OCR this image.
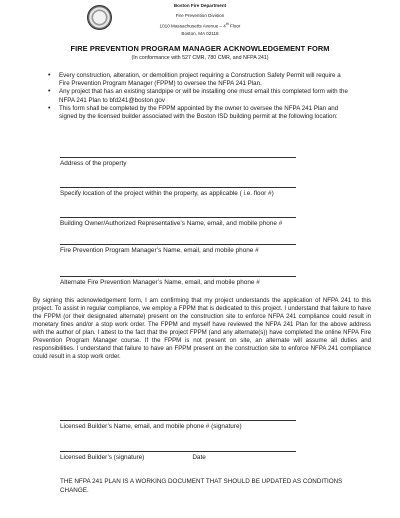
Boston Fire Department
Fire Prevention Division
1010 Massachusetts Avenue – 4th Floor
Boston, MA 02118
FIRE PREVENTION PROGRAM MANAGER ACKNOWLEDGEMENT FORM
(In conformance with 527 CMR, 780 CMR, and NFPA 241)
• Every construction, alteration, or demolition project requiring a Construction Safety Permit will require a Fire Prevention Program Manager (FPPM) to oversee the NFPA 241 Plan.
• Any project that has an existing standpipe or will be installing one must email this completed form with the NFPA 241 Plan to bfd241@boston.gov
• This form shall be completed by the FPPM appointed by the owner to oversee the NFPA 241 Plan and signed by the licensed builder associated with the Boston ISD building permit at the following location:
Address of the property
Specify location of the project within the property, as applicable ( i.e. floor #)
Building Owner/Authorized Representative’s Name, email, and mobile phone #
Fire Prevention Program Manager’s Name, email, and mobile phone #
Alternate Fire Prevention Manager’s Name, email, and mobile phone #
By signing this acknowledgement form, I am confirming that my project understands the application of NFPA 241 to this project. To assist in regular compliance, we employ a FPPM that is dedicated to this project. I understand that failure to have the FPPM (or their designated alternate) present on the construction site to enforce NFPA 241 compliance could result in monetary fines and/or a stop work order. The FPPM and myself have reviewed the NFPA 241 Plan for the above address with the author of plan. I attest to the fact that the project FPPM (and any alternate(s)) have completed the online NFPA Fire Prevention Program Manager course. If the FPPM is not present on site, an alternate will assume all duties and responsibilities. I understand that failure to have an FPPM present on the construction site to enforce NFPA 241 compliance could result in a stop work order.
Licensed Builder’s Name, email, and mobile phone # (signature)
Licensed Builder’s (signature)	Date
THE NFPA 241 PLAN IS A WORKING DOCUMENT THAT SHOULD BE UPDATED AS CONDITIONS CHANGE.
